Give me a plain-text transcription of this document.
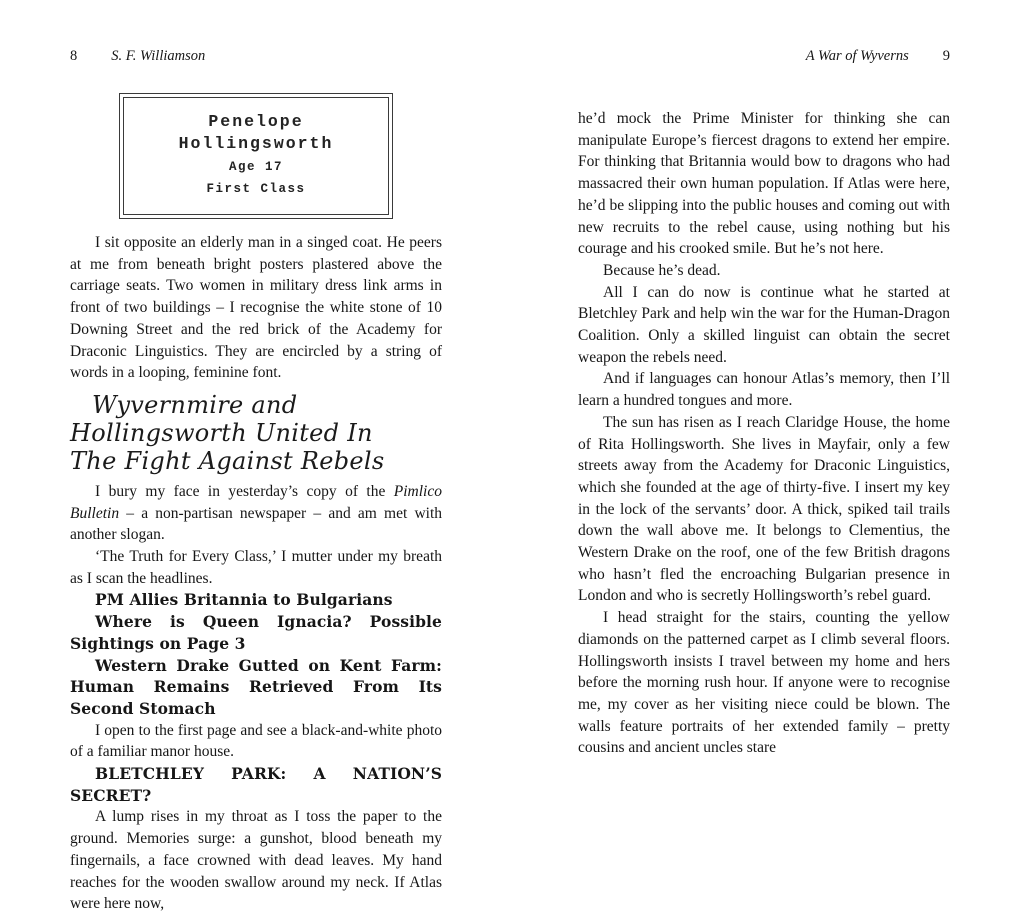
8 S. F. Williamson
Penelope Hollingsworth
Age 17
First Class

I sit opposite an elderly man in a singed coat. He peers at me from beneath bright posters plastered above the carriage seats. Two women in military dress link arms in front of two buildings – I recognise the white stone of 10 Downing Street and the red brick of the Academy for Draconic Linguistics. They are encircled by a string of words in a looping, feminine font.

Wyvernmire and Hollingsworth United In
The Fight Against Rebels

I bury my face in yesterday’s copy of the Pimlico Bulletin – a non-partisan newspaper – and am met with another slogan.

‘The Truth for Every Class,’ I mutter under my breath as I scan the headlines.

PM Allies Britannia to Bulgarians
Where is Queen Ignacia? Possible Sightings on Page 3
Western Drake Gutted on Kent Farm: Human Remains Retrieved From Its Second Stomach

I open to the first page and see a black-and-white photo of a familiar manor house.

BLETCHLEY PARK: A NATION’S SECRET?

A lump rises in my throat as I toss the paper to the ground. Memories surge: a gunshot, blood beneath my fingernails, a face crowned with dead leaves. My hand reaches for the wooden swallow around my neck. If Atlas were here now,

A War of Wyverns 9

he’d mock the Prime Minister for thinking she can manipulate Europe’s fiercest dragons to extend her empire. For thinking that Britannia would bow to dragons who had massacred their own human population. If Atlas were here, he’d be slipping into the public houses and coming out with new recruits to the rebel cause, using nothing but his courage and his crooked smile. But he’s not here.

Because he’s dead.

All I can do now is continue what he started at Bletchley Park and help win the war for the Human-Dragon Coalition. Only a skilled linguist can obtain the secret weapon the rebels need.

And if languages can honour Atlas’s memory, then I’ll learn a hundred tongues and more.

The sun has risen as I reach Claridge House, the home of Rita Hollingsworth. She lives in Mayfair, only a few streets away from the Academy for Draconic Linguistics, which she founded at the age of thirty-five. I insert my key in the lock of the servants’ door. A thick, spiked tail trails down the wall above me. It belongs to Clementius, the Western Drake on the roof, one of the few British dragons who hasn’t fled the encroaching Bulgarian presence in London and who is secretly Hollingsworth’s rebel guard.

I head straight for the stairs, counting the yellow diamonds on the patterned carpet as I climb several floors. Hollingsworth insists I travel between my home and hers before the morning rush hour. If anyone were to recognise me, my cover as her visiting niece could be blown. The walls feature portraits of her extended family – pretty cousins and ancient uncles stare
